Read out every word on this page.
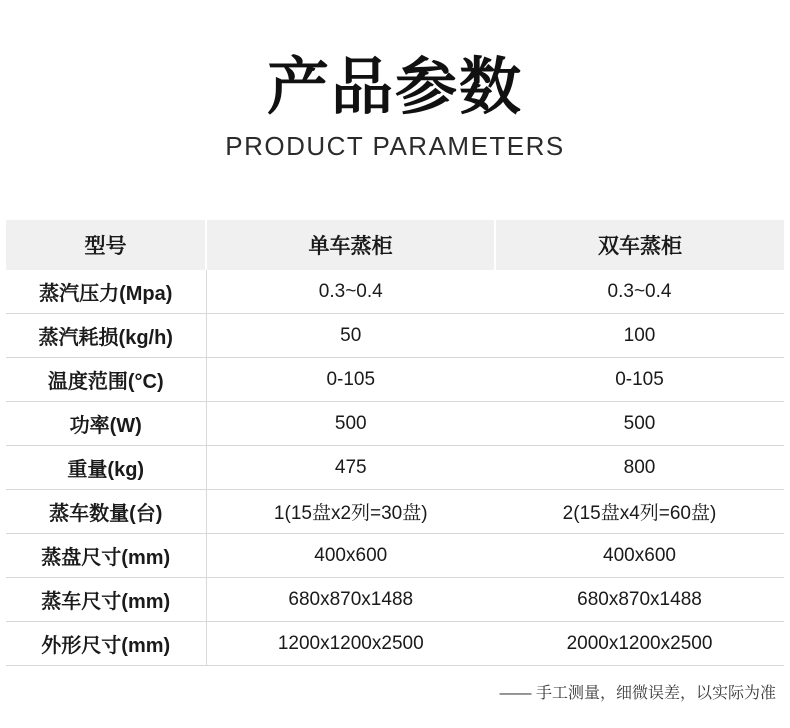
产品参数
PRODUCT PARAMETERS
型号	单车蒸柜	双车蒸柜
蒸汽压力(Mpa)	0.3~0.4	0.3~0.4
蒸汽耗损(kg/h)	50	100
温度范围(°C)	0-105	0-105
功率(W)	500	500
重量(kg)	475	800
蒸车数量(台)	1(15盘x2列=30盘)	2(15盘x4列=60盘)
蒸盘尺寸(mm)	400x600	400x600
蒸车尺寸(mm)	680x870x1488	680x870x1488
外形尺寸(mm)	1200x1200x2500	2000x1200x2500
—— 手工测量，细微误差，以实际为准
